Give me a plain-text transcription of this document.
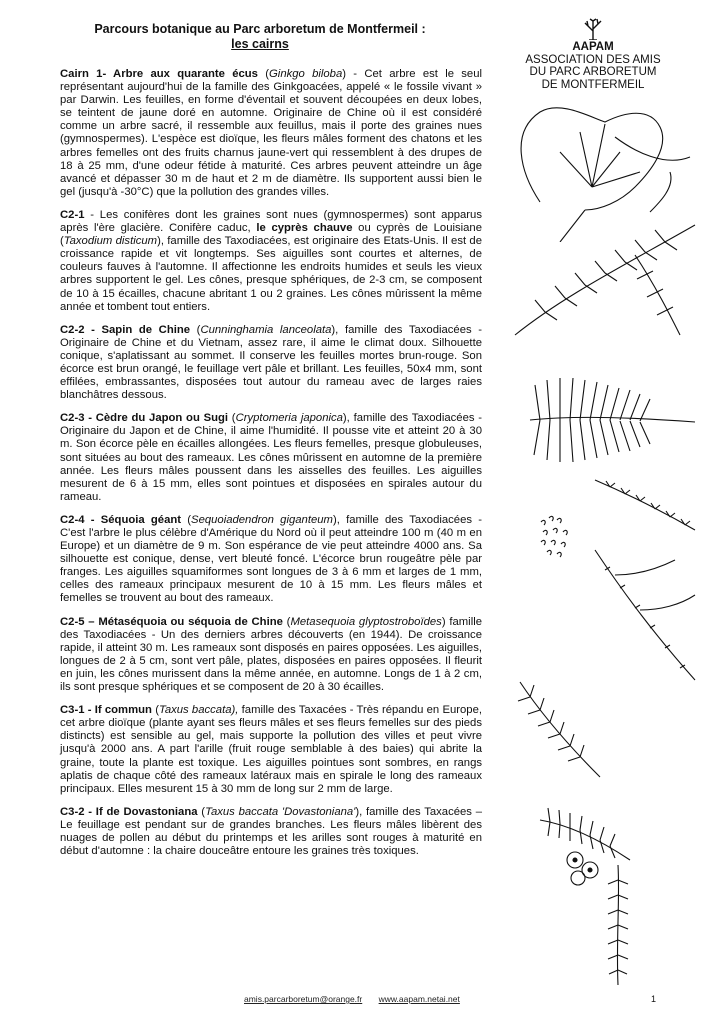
Parcours botanique au Parc arboretum de Montfermeil :
les cairns	AAPAM
ASSOCIATION DES AMIS
DU PARC ARBORETUM
DE MONTFERMEIL

Cairn 1- Arbre aux quarante écus (Ginkgo biloba) - Cet arbre est le seul représentant aujourd'hui de la famille des Ginkgoacées, appelé « le fossile vivant » par Darwin. Les feuilles, en forme d'éventail et souvent découpées en deux lobes, se teintent de jaune doré en automne. Originaire de Chine où il est considéré comme un arbre sacré, il ressemble aux feuillus, mais il porte des graines nues (gymnospermes). L'espèce est dioïque, les fleurs mâles forment des chatons et les arbres femelles ont des fruits charnus jaune-vert qui ressemblent à des drupes de 18 à 25 mm, d'une odeur fétide à maturité. Ces arbres peuvent atteindre un âge avancé et dépasser 30 m de haut et 2 m de diamètre. Ils supportent aussi bien le gel (jusqu'à -30°C) que la pollution des grandes villes.

C2-1 - Les conifères dont les graines sont nues (gymnospermes) sont apparus après l'ère glacière. Conifère caduc, le cyprès chauve ou cyprès de Louisiane (Taxodium disticum), famille des Taxodiacées, est originaire des Etats-Unis. Il est de croissance rapide et vit longtemps. Ses aiguilles sont courtes et alternes, de couleurs fauves à l'automne. Il affectionne les endroits humides et seuls les vieux arbres supportent le gel. Les cônes, presque sphériques, de 2-3 cm, se composent de 10 à 15 écailles, chacune abritant 1 ou 2 graines. Les cônes mûrissent la même année et tombent tout entiers.

C2-2 - Sapin de Chine (Cunninghamia lanceolata), famille des Taxodiacées - Originaire de Chine et du Vietnam, assez rare, il aime le climat doux. Silhouette conique, s'aplatissant au sommet. Il conserve les feuilles mortes brun-rouge. Son écorce est brun orangé, le feuillage vert pâle et brillant. Les feuilles, 50x4 mm, sont effilées, embrassantes, disposées tout autour du rameau avec de larges raies blanchâtres dessous.

C2-3 - Cèdre du Japon ou Sugi (Cryptomeria japonica), famille des Taxodiacées - Originaire du Japon et de Chine, il aime l'humidité. Il pousse vite et atteint 20 à 30 m. Son écorce pèle en écailles allongées. Les fleurs femelles, presque globuleuses, sont situées au bout des rameaux. Les cônes mûrissent en automne de la première année. Les fleurs mâles poussent dans les aisselles des feuilles. Les aiguilles mesurent de 6 à 15 mm, elles sont pointues et disposées en spirales autour du rameau.

C2-4 - Séquoia géant (Sequoiadendron giganteum), famille des Taxodiacées - C'est l'arbre le plus célèbre d'Amérique du Nord où il peut atteindre 100 m (40 m en Europe) et un diamètre de 9 m. Son espérance de vie peut atteindre 4000 ans. Sa silhouette est conique, dense, vert bleuté foncé. L'écorce brun rougeâtre pèle par franges. Les aiguilles squamiformes sont longues de 3 à 6 mm et larges de 1 mm, celles des rameaux principaux mesurent de 10 à 15 mm. Les fleurs mâles et femelles se trouvent au bout des rameaux.

C2-5 – Métaséquoia ou séquoia de Chine (Metasequoia glyptostroboïdes) famille des Taxodiacées - Un des derniers arbres découverts (en 1944). De croissance rapide, il atteint 30 m. Les rameaux sont disposés en paires opposées. Les aiguilles, longues de 2 à 5 cm, sont vert pâle, plates, disposées en paires opposées. Il fleurit en juin, les cônes murissent dans la même année, en automne. Longs de 1 à 2 cm, ils sont presque sphériques et se composent de 20 à 30 écailles.

C3-1 - If commun (Taxus baccata), famille des Taxacées - Très répandu en Europe, cet arbre dioïque (plante ayant ses fleurs mâles et ses fleurs femelles sur des pieds distincts) est sensible au gel, mais supporte la pollution des villes et peut vivre jusqu'à 2000 ans. A part l'arille (fruit rouge semblable à des baies) qui abrite la graine, toute la plante est toxique. Les aiguilles pointues sont sombres, en rangs aplatis de chaque côté des rameaux latéraux mais en spirale le long des rameaux principaux. Elles mesurent 15 à 30 mm de long sur 2 mm de large.

C3-2 - If de Dovastoniana (Taxus baccata 'Dovastoniana'), famille des Taxacées – Le feuillage est pendant sur de grandes branches. Les fleurs mâles libèrent des nuages de pollen au début du printemps et les arilles sont rouges à maturité en début d'automne : la chaire douceâtre entoure les graines très toxiques.

amis.parcarboretum@orange.fr www.aapam.netai.net	1
